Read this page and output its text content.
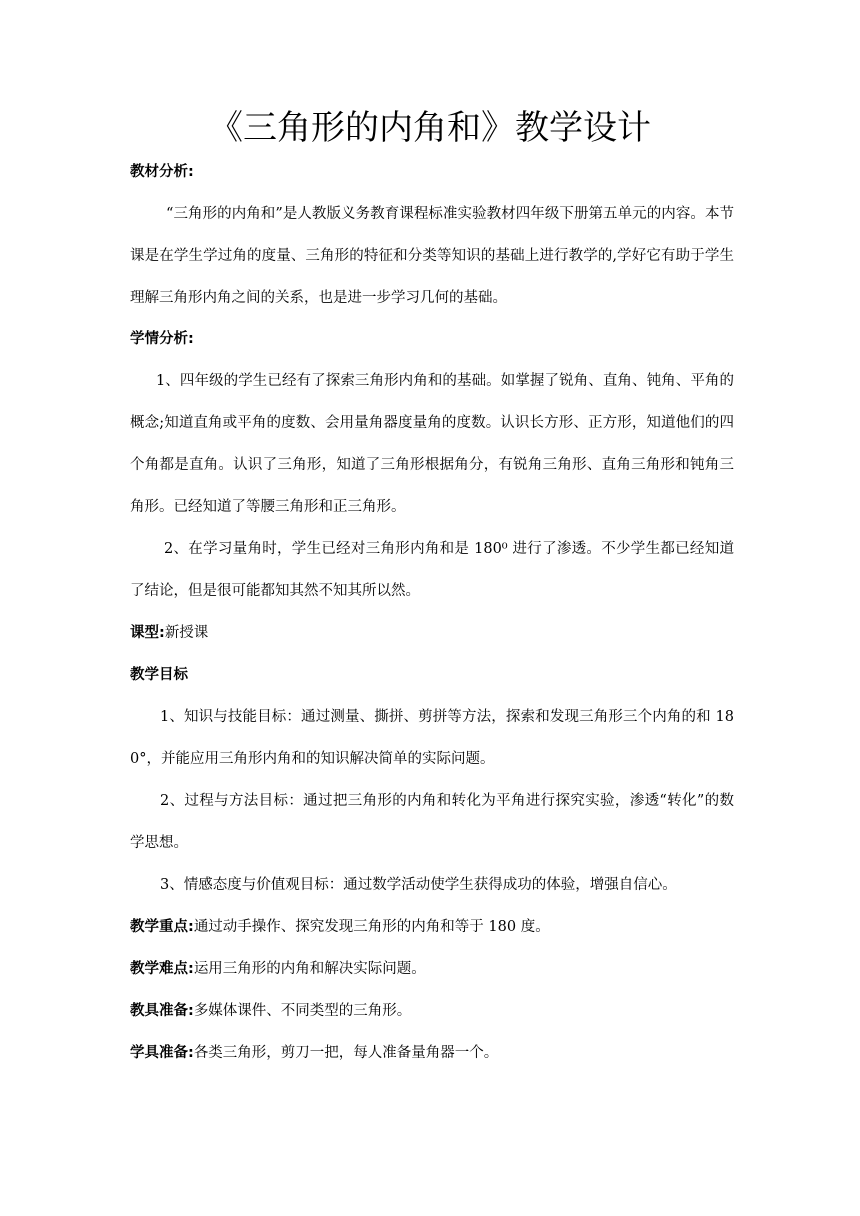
《三角形的内角和》教学设计

教材分析:

“三角形的内角和”是人教版义务教育课程标准实验教材四年级下册第五单元的内容。本节课是在学生学过角的度量、三角形的特征和分类等知识的基础上进行教学的,学好它有助于学生理解三角形内角之间的关系，也是进一步学习几何的基础。

学情分析:

1、四年级的学生已经有了探索三角形内角和的基础。如掌握了锐角、直角、钝角、平角的概念;知道直角或平角的度数、会用量角器度量角的度数。认识长方形、正方形，知道他们的四个角都是直角。认识了三角形，知道了三角形根据角分，有锐角三角形、直角三角形和钝角三角形。已经知道了等腰三角形和正三角形。

2、在学习量角时，学生已经对三角形内角和是 180⁰ 进行了渗透。不少学生都已经知道了结论，但是很可能都知其然不知其所以然。

课型:新授课

教学目标

1、知识与技能目标：通过测量、撕拼、剪拼等方法，探索和发现三角形三个内角的和 180°，并能应用三角形内角和的知识解决简单的实际问题。

2、过程与方法目标：通过把三角形的内角和转化为平角进行探究实验，渗透“转化”的数学思想。

3、情感态度与价值观目标：通过数学活动使学生获得成功的体验，增强自信心。

教学重点:通过动手操作、探究发现三角形的内角和等于 180 度。

教学难点:运用三角形的内角和解决实际问题。

教具准备:多媒体课件、不同类型的三角形。

学具准备:各类三角形，剪刀一把，每人准备量角器一个。
